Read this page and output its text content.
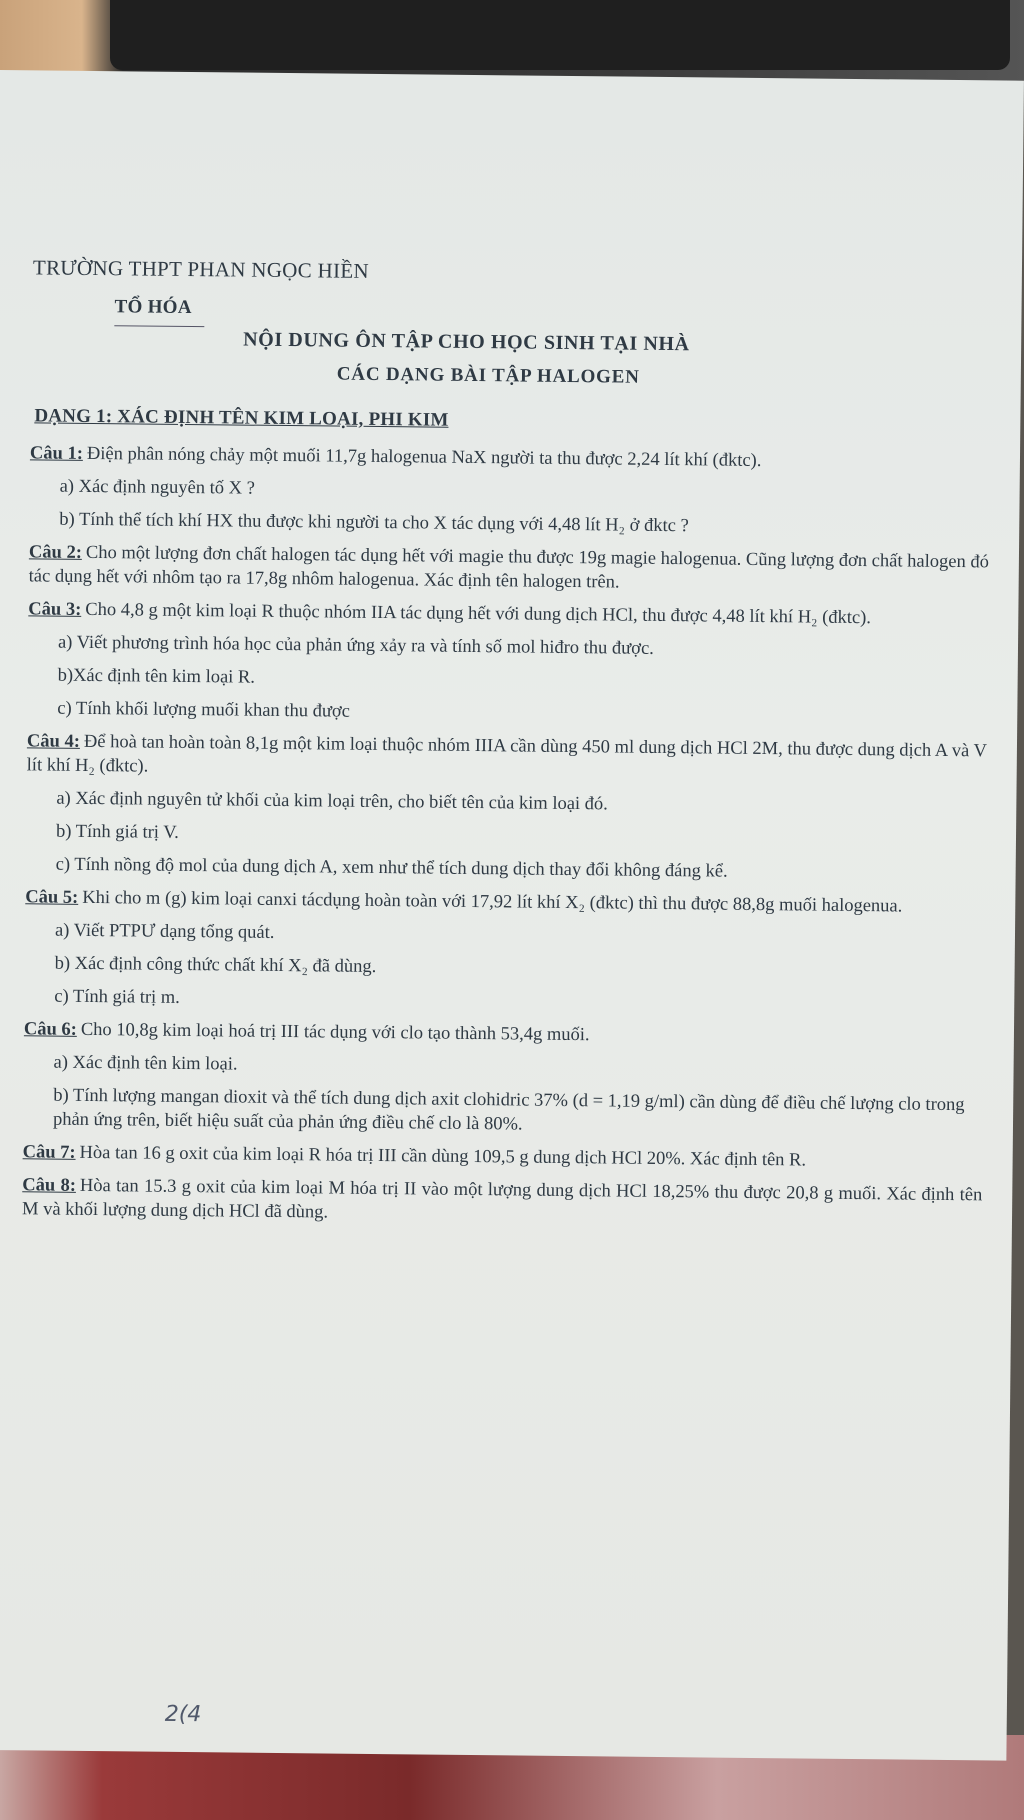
TRƯỜNG THPT PHAN NGỌC HIỀN
TỔ HÓA
NỘI DUNG ÔN TẬP CHO HỌC SINH TẠI NHÀ
CÁC DẠNG BÀI TẬP HALOGEN
DẠNG 1: XÁC ĐỊNH TÊN KIM LOẠI, PHI KIM

Câu 1: Điện phân nóng chảy một muối 11,7g halogenua NaX người ta thu được 2,24 lít khí (đktc).

a) Xác định nguyên tố X ?

b) Tính thể tích khí HX thu được khi người ta cho X tác dụng với 4,48 lít H₂ ở đktc ?

Câu 2: Cho một lượng đơn chất halogen tác dụng hết với magie thu được 19g magie halogenua. Cũng lượng đơn chất halogen đó tác dụng hết với nhôm tạo ra 17,8g nhôm halogenua. Xác định tên halogen trên.

Câu 3: Cho 4,8 g một kim loại R thuộc nhóm IIA tác dụng hết với dung dịch HCl, thu được 4,48 lít khí H₂ (đktc).

a) Viết phương trình hóa học của phản ứng xảy ra và tính số mol hiđro thu được.

b)Xác định tên kim loại R.

c) Tính khối lượng muối khan thu được

Câu 4: Để hoà tan hoàn toàn 8,1g một kim loại thuộc nhóm IIIA cần dùng 450 ml dung dịch HCl 2M, thu được dung dịch A và V lít khí H₂ (đktc).

a) Xác định nguyên tử khối của kim loại trên, cho biết tên của kim loại đó.

b) Tính giá trị V.

c) Tính nồng độ mol của dung dịch A, xem như thể tích dung dịch thay đổi không đáng kể.

Câu 5: Khi cho m (g) kim loại canxi tácdụng hoàn toàn với 17,92 lít khí X₂ (đktc) thì thu được 88,8g muối halogenua.

a) Viết PTPƯ dạng tổng quát.

b) Xác định công thức chất khí X₂ đã dùng.

c) Tính giá trị m.

Câu 6: Cho 10,8g kim loại hoá trị III tác dụng với clo tạo thành 53,4g muối.

a) Xác định tên kim loại.

b) Tính lượng mangan dioxit và thể tích dung dịch axit clohidric 37% (d = 1,19 g/ml) cần dùng để điều chế lượng clo trong phản ứng trên, biết hiệu suất của phản ứng điều chế clo là 80%.

Câu 7: Hòa tan 16 g oxit của kim loại R hóa trị III cần dùng 109,5 g dung dịch HCl 20%. Xác định tên R.

Câu 8: Hòa tan 15.3 g oxit của kim loại M hóa trị II vào một lượng dung dịch HCl 18,25% thu được 20,8 g muối. Xác định tên M và khối lượng dung dịch HCl đã dùng.

2(4
